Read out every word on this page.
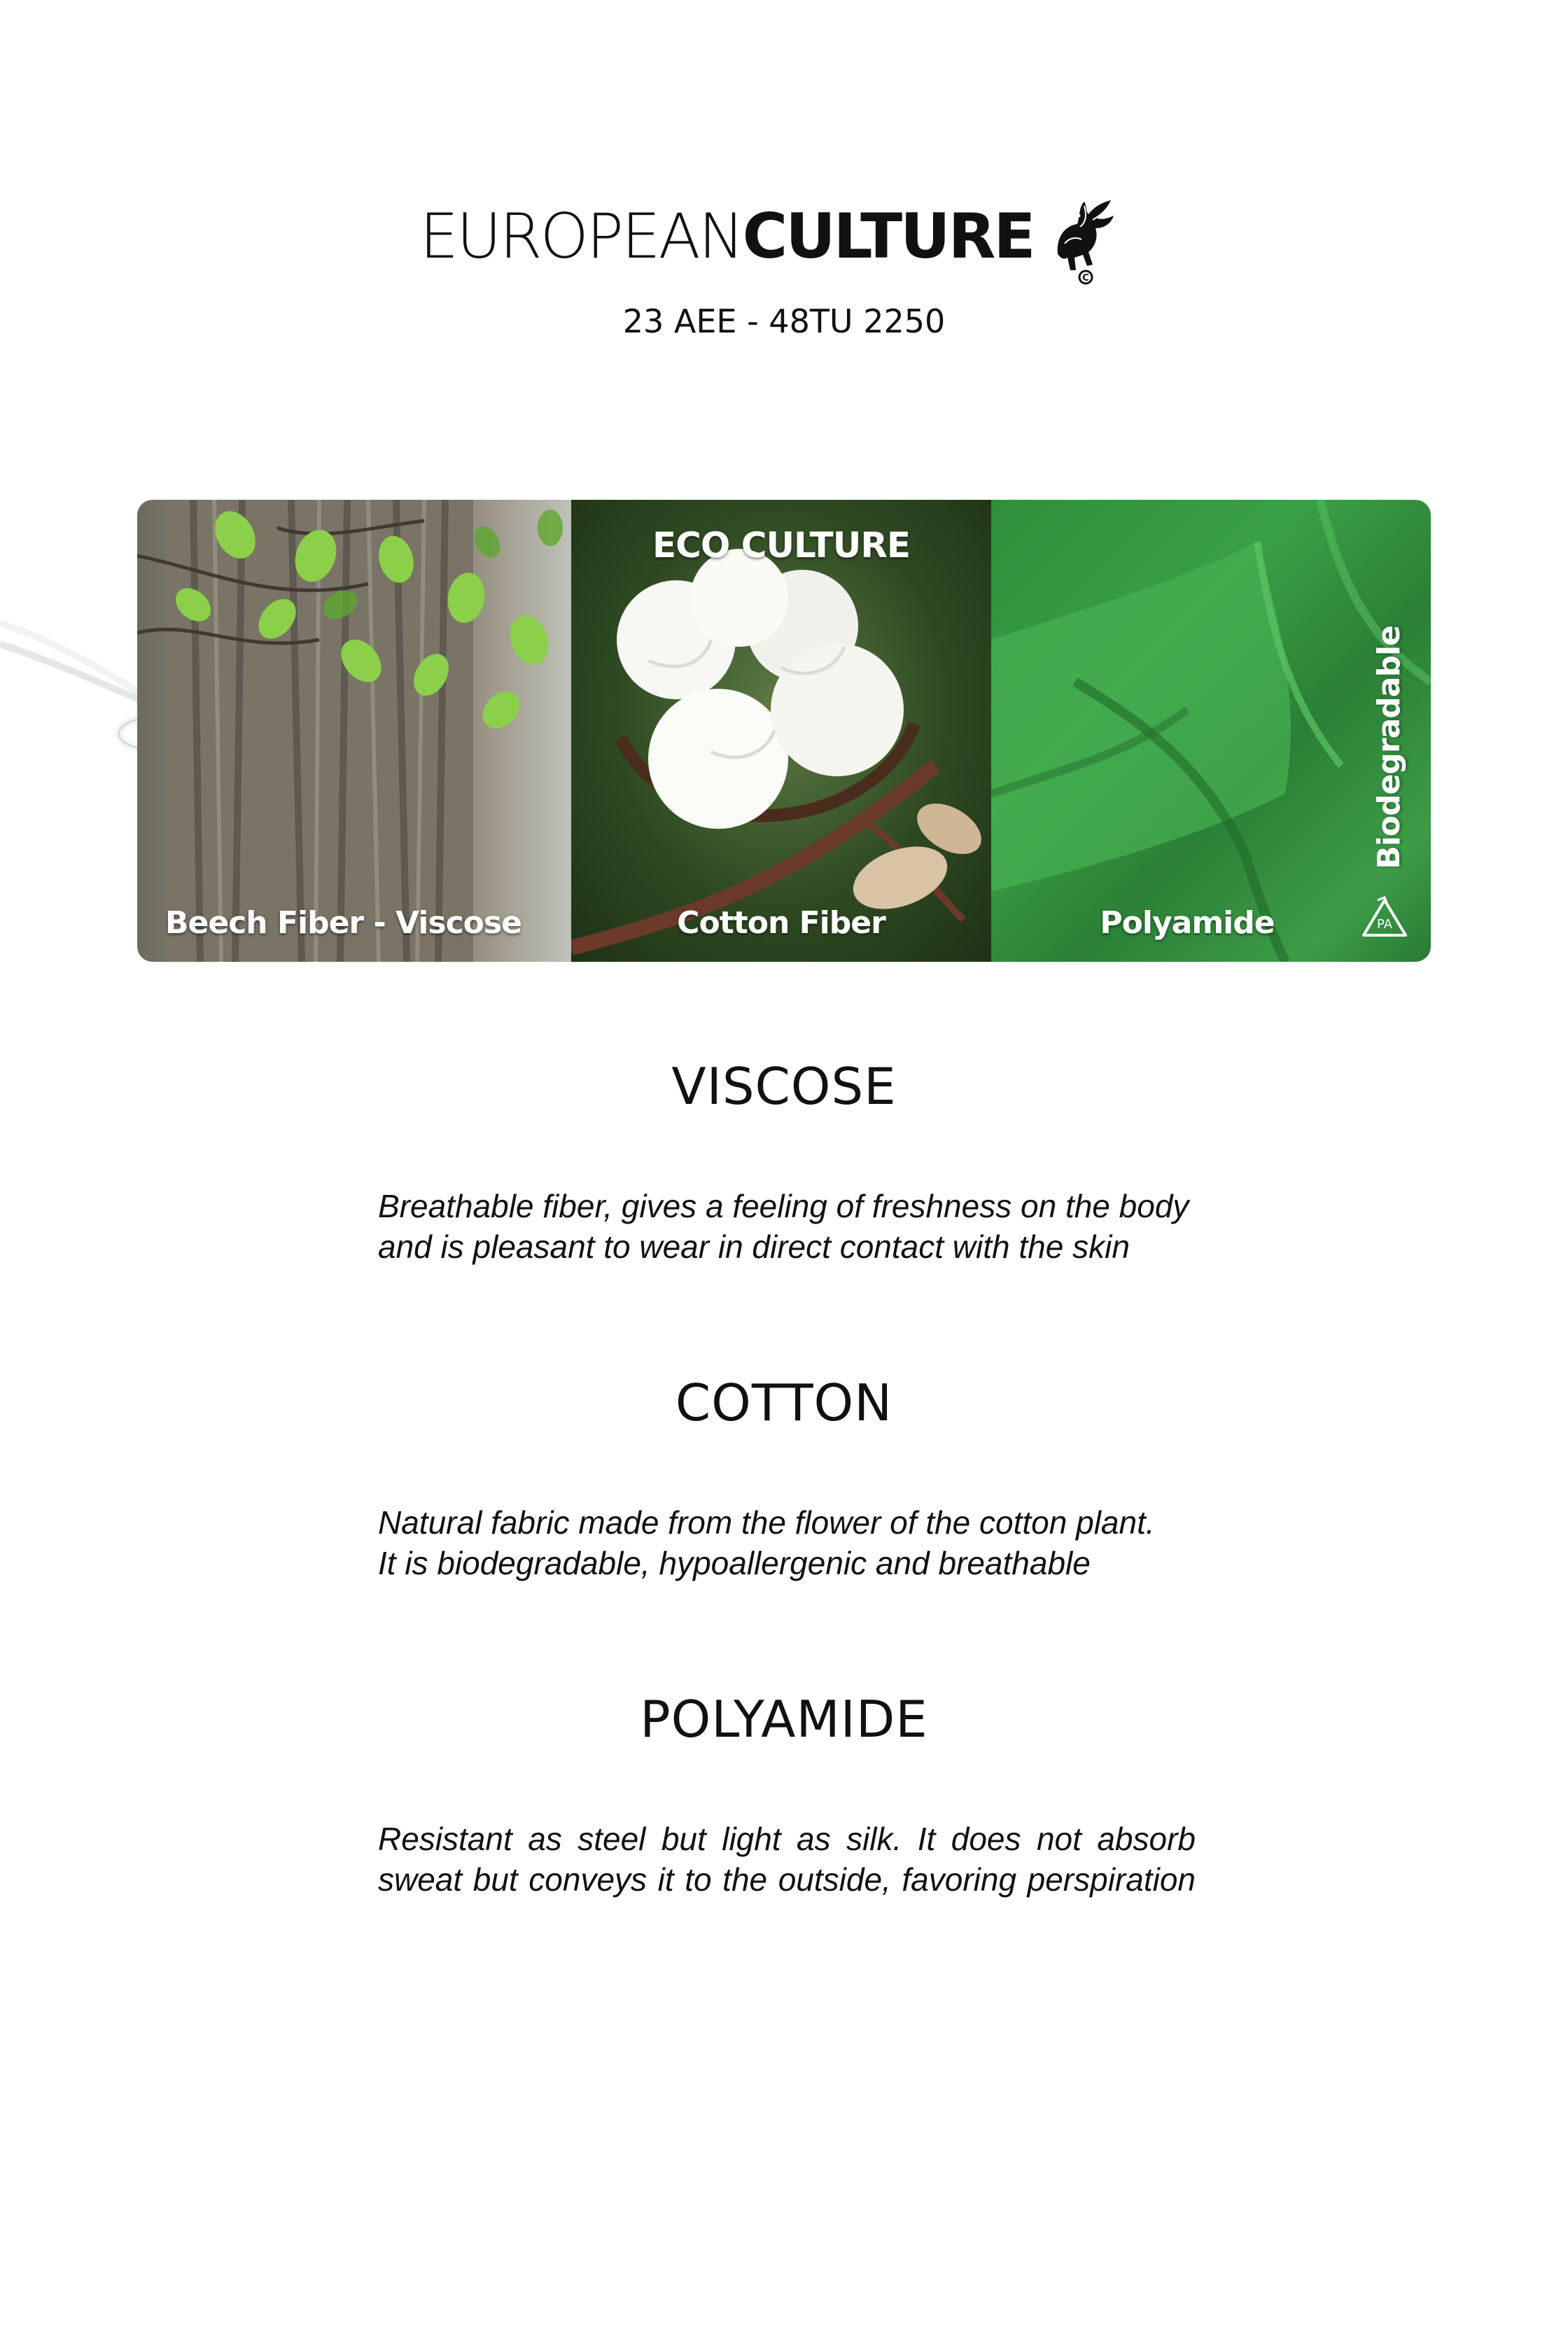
EUROPEANCULTURE
C
23 AEE - 48TU 2250
Beech Fiber - Viscose
ECO CULTURE
Cotton Fiber
Biodegradable
Polyamide	PA
VISCOSE
Breathable fiber, gives a feeling of freshness on the body
and is pleasant to wear in direct contact with the skin
COTTON
Natural fabric made from the flower of the cotton plant.
It is biodegradable, hypoallergenic and breathable
POLYAMIDE
Resistant as steel but light as silk. It does not absorb
sweat but conveys it to the outside, favoring perspiration
